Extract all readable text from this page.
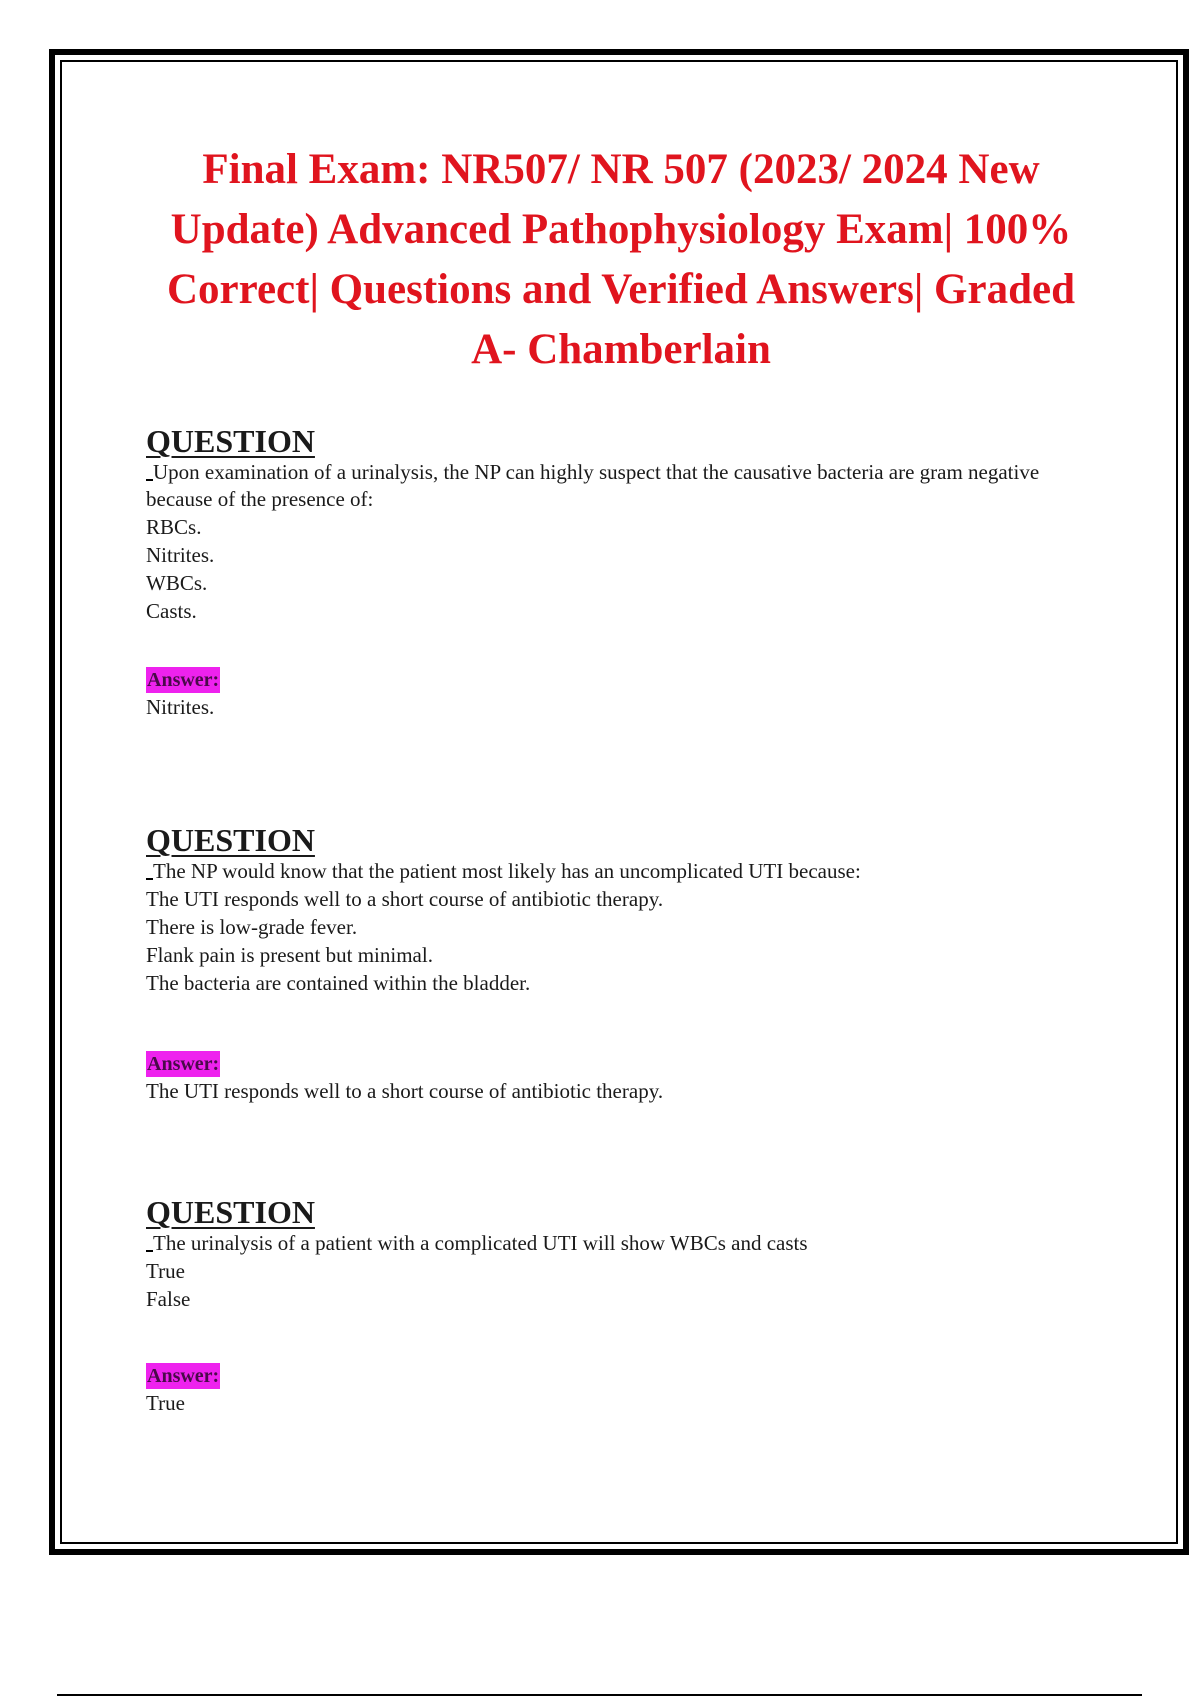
Final Exam: NR507/ NR 507 (2023/ 2024 New Update) Advanced Pathophysiology Exam| 100% Correct| Questions and Verified Answers| Graded A- Chamberlain

QUESTION

Upon examination of a urinalysis, the NP can highly suspect that the causative bacteria are gram negative because of the presence of:

RBCs.

Nitrites.

WBCs.

Casts.

Answer:

Nitrites.

QUESTION

The NP would know that the patient most likely has an uncomplicated UTI because:

The UTI responds well to a short course of antibiotic therapy.

There is low-grade fever.

Flank pain is present but minimal.

The bacteria are contained within the bladder.

Answer:

The UTI responds well to a short course of antibiotic therapy.

QUESTION

The urinalysis of a patient with a complicated UTI will show WBCs and casts

True

False

Answer:

True
